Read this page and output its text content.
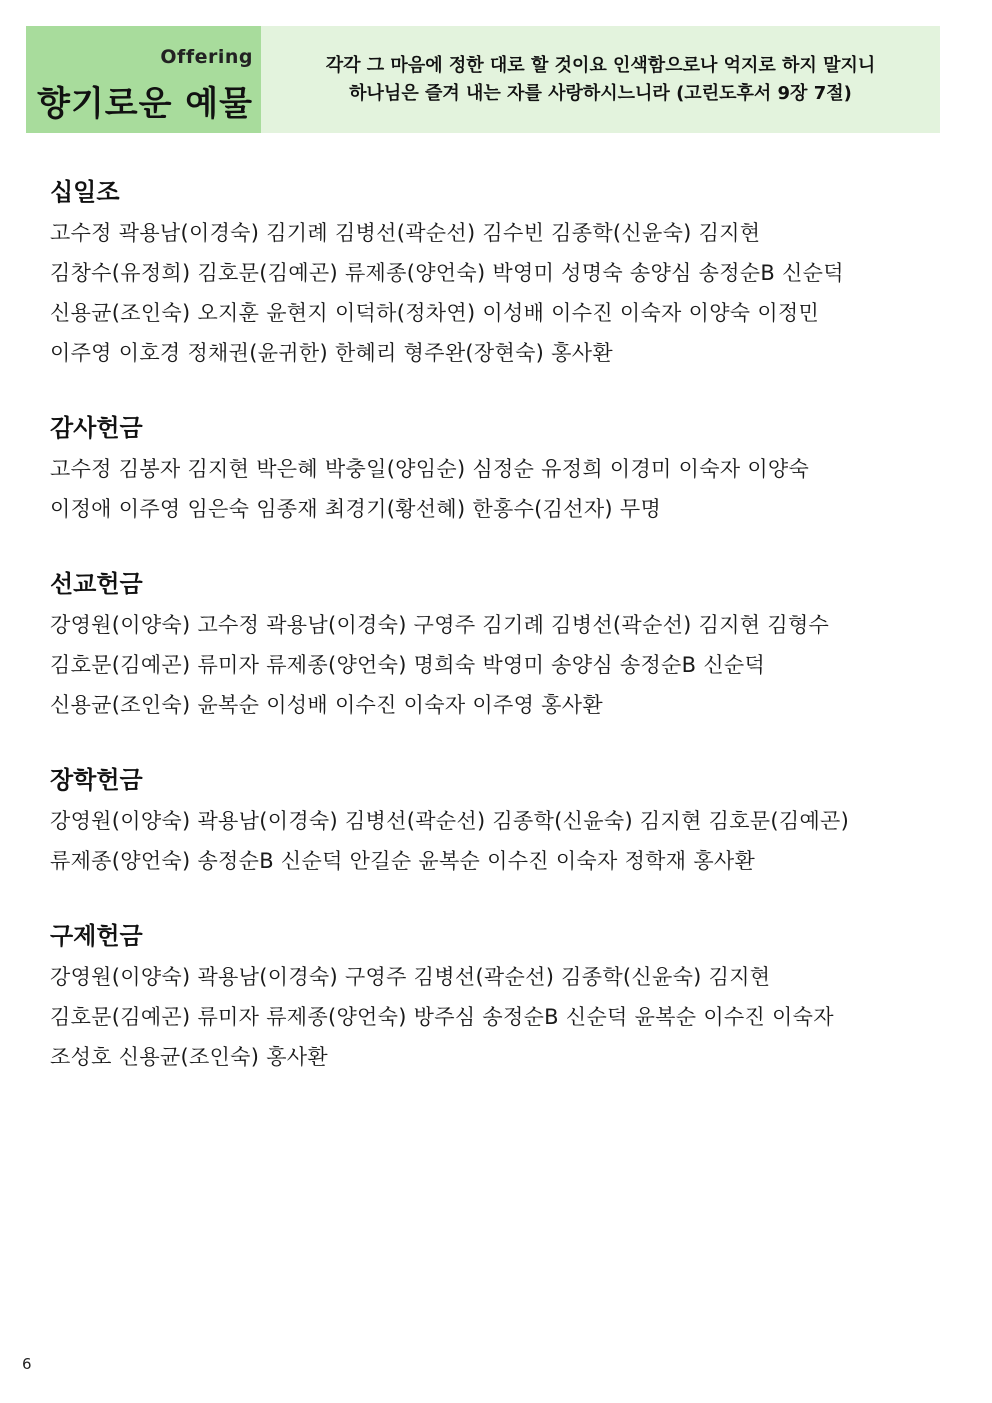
Offering
향기로운 예물
각각 그 마음에 정한 대로 할 것이요 인색함으로나 억지로 하지 말지니
하나님은 즐겨 내는 자를 사랑하시느니라 (고린도후서 9장 7절)
십일조
고수정 곽용남(이경숙) 김기례 김병선(곽순선) 김수빈 김종학(신윤숙) 김지현
김창수(유정희) 김호문(김예곤) 류제종(양언숙) 박영미 성명숙 송양심 송정순B 신순덕
신용균(조인숙) 오지훈 윤현지 이덕하(정차연) 이성배 이수진 이숙자 이양숙 이정민
이주영 이호경 정채권(윤귀한) 한혜리 형주완(장현숙) 홍사환
감사헌금
고수정 김봉자 김지현 박은혜 박충일(양임순) 심정순 유정희 이경미 이숙자 이양숙
이정애 이주영 임은숙 임종재 최경기(황선혜) 한홍수(김선자) 무명
선교헌금
강영원(이양숙) 고수정 곽용남(이경숙) 구영주 김기례 김병선(곽순선) 김지현 김형수
김호문(김예곤) 류미자 류제종(양언숙) 명희숙 박영미 송양심 송정순B 신순덕
신용균(조인숙) 윤복순 이성배 이수진 이숙자 이주영 홍사환
장학헌금
강영원(이양숙) 곽용남(이경숙) 김병선(곽순선) 김종학(신윤숙) 김지현 김호문(김예곤)
류제종(양언숙) 송정순B 신순덕 안길순 윤복순 이수진 이숙자 정학재 홍사환
구제헌금
강영원(이양숙) 곽용남(이경숙) 구영주 김병선(곽순선) 김종학(신윤숙) 김지현
김호문(김예곤) 류미자 류제종(양언숙) 방주심 송정순B 신순덕 윤복순 이수진 이숙자
조성호 신용균(조인숙) 홍사환
6
